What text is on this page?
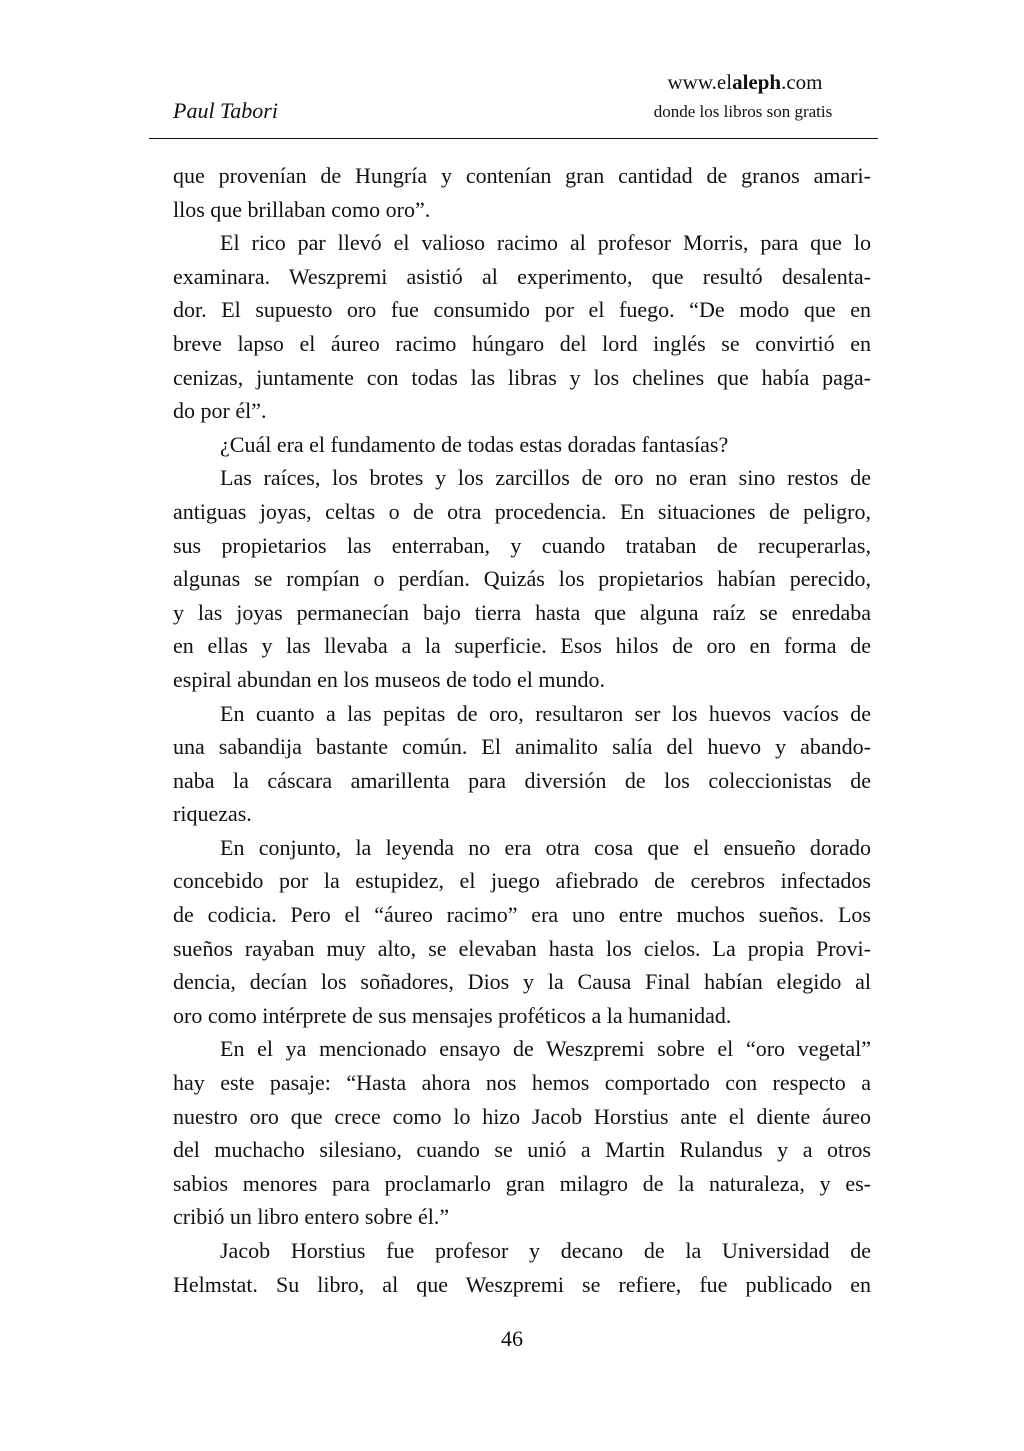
www.elaleph.com
Paul Tabori	donde los libros son gratis
que provenían de Hungría y contenían gran cantidad de granos amari-
llos que brillaban como oro”.
El rico par llevó el valioso racimo al profesor Morris, para que lo
examinara. Weszpremi asistió al experimento, que resultó desalenta-
dor. El supuesto oro fue consumido por el fuego. “De modo que en
breve lapso el áureo racimo húngaro del lord inglés se convirtió en
cenizas, juntamente con todas las libras y los chelines que había paga-
do por él”.
¿Cuál era el fundamento de todas estas doradas fantasías?
Las raíces, los brotes y los zarcillos de oro no eran sino restos de
antiguas joyas, celtas o de otra procedencia. En situaciones de peligro,
sus propietarios las enterraban, y cuando trataban de recuperarlas,
algunas se rompían o perdían. Quizás los propietarios habían perecido,
y las joyas permanecían bajo tierra hasta que alguna raíz se enredaba
en ellas y las llevaba a la superficie. Esos hilos de oro en forma de
espiral abundan en los museos de todo el mundo.
En cuanto a las pepitas de oro, resultaron ser los huevos vacíos de
una sabandija bastante común. El animalito salía del huevo y abando-
naba la cáscara amarillenta para diversión de los coleccionistas de
riquezas.
En conjunto, la leyenda no era otra cosa que el ensueño dorado
concebido por la estupidez, el juego afiebrado de cerebros infectados
de codicia. Pero el “áureo racimo” era uno entre muchos sueños. Los
sueños rayaban muy alto, se elevaban hasta los cielos. La propia Provi-
dencia, decían los soñadores, Dios y la Causa Final habían elegido al
oro como intérprete de sus mensajes proféticos a la humanidad.
En el ya mencionado ensayo de Weszpremi sobre el “oro vegetal”
hay este pasaje: “Hasta ahora nos hemos comportado con respecto a
nuestro oro que crece como lo hizo Jacob Horstius ante el diente áureo
del muchacho silesiano, cuando se unió a Martin Rulandus y a otros
sabios menores para proclamarlo gran milagro de la naturaleza, y es-
cribió un libro entero sobre él.”
Jacob Horstius fue profesor y decano de la Universidad de
Helmstat. Su libro, al que Weszpremi se refiere, fue publicado en
46
